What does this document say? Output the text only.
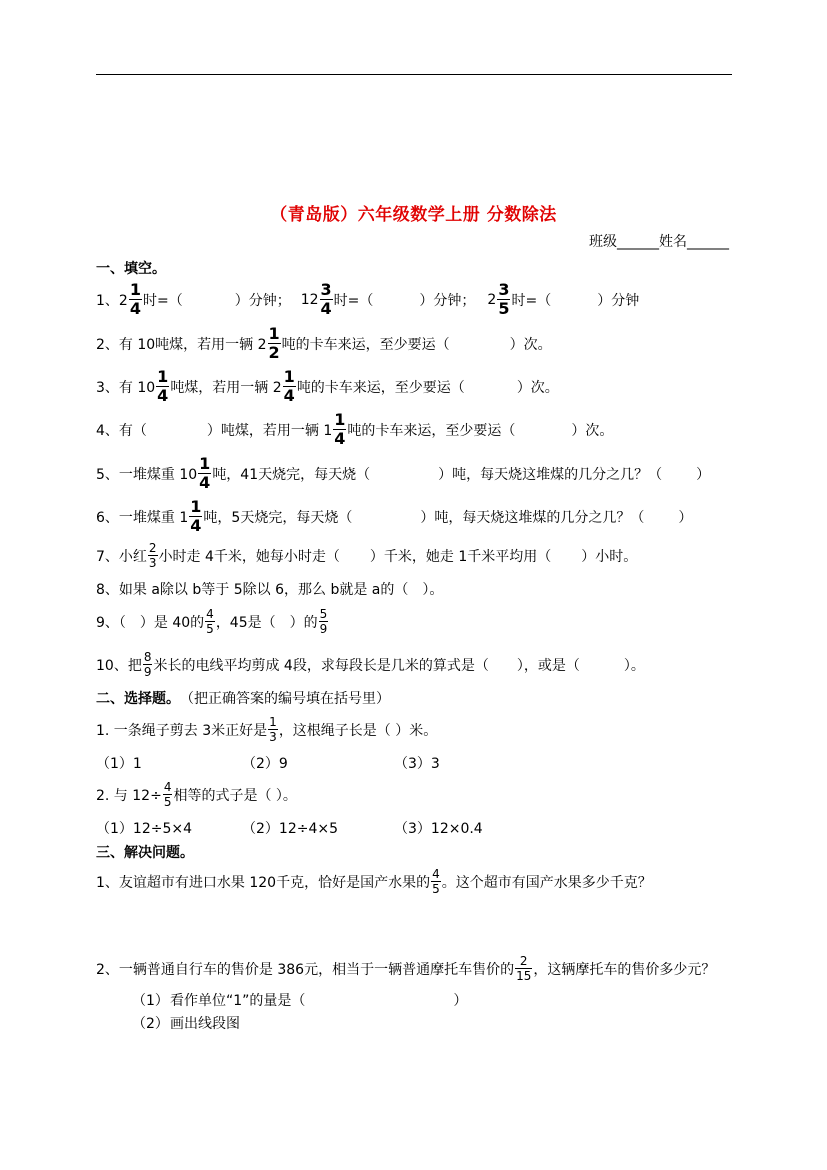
（青岛版）六年级数学上册 分数除法
班级______姓名______
一、填空。
1、$2 \frac{1}{4}$ 时=（	）分钟； $12 \frac{3}{4}$ 时=（	）分钟； $2 \frac{3}{5}$ 时=（	）分钟
2、有 10吨煤，若用一辆 $2 \frac{1}{2}$ 吨的卡车来运，至少要运（	）次。
3、有 $10 \frac{1}{4}$ 吨煤，若用一辆 $2 \frac{1}{4}$ 吨的卡车来运，至少要运（	）次。
4、有（	）吨煤，若用一辆 $1 \frac{1}{4}$ 吨的卡车来运，至少要运（	）次。
5、一堆煤重 $10 \frac{1}{4}$ 吨，41天烧完，每天烧（	）吨，每天烧这堆煤的几分之几？（ ）
6、一堆煤重 $1 \frac{1}{4}$ 吨，5天烧完，每天烧（	）吨，每天烧这堆煤的几分之几？（ ）
7、小红 $\frac{2}{3}$ 小时走 4千米，她每小时走（ ）千米，她走 1千米平均用（ ）小时。
8、如果 a除以 b等于 5除以 6，那么 b就是 a的（　）。
9、（　）是 40的 $\frac{4}{5}$ ，45是（　）的 $\frac{5}{9}$
10、把 $\frac{8}{9}$ 米长的电线平均剪成 4段，求每段长是几米的算式是（　　），或是（	）。
二、选择题。 （把正确答案的编号填在括号里）
1. 一条绳子剪去 3米正好是 $\frac{1}{3}$ ，这根绳子长是（ ）米。
（1）1	（2）9	（3）3
2. 与 $12\div \frac{4}{5}$ 相等的式子是（ ）。
（1）12÷5×4	（2）12÷4×5	（3）12×0.4
三、解决问题。
1、友谊超市有进口水果 120千克，恰好是国产水果的 $\frac{4}{5}$ 。这个超市有国产水果多少千克？
2、一辆普通自行车的售价是 386元，相当于一辆普通摩托车售价的 $\frac{2}{15}$ ，这辆摩托车的售价多少元？
（1） 看作单位“1”的量是（	）
（2） 画出线段图
